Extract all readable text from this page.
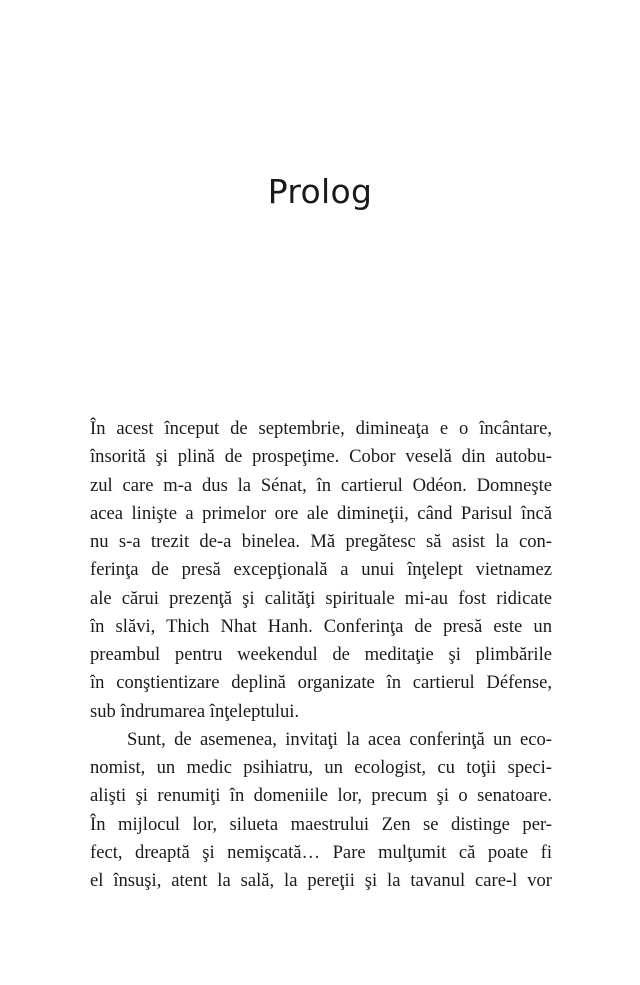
Prolog
În acest început de septembrie, dimineaţa e o încântare,
însorită şi plină de prospeţime. Cobor veselă din autobu-
zul care m-a dus la Sénat, în cartierul Odéon. Domneşte
acea linişte a primelor ore ale dimineţii, când Parisul încă
nu s-a trezit de-a binelea. Mă pregătesc să asist la con-
ferinţa de presă excepţională a unui înţelept vietnamez
ale cărui prezenţă şi calităţi spirituale mi-au fost ridicate
în slăvi, Thich Nhat Hanh. Conferinţa de presă este un
preambul pentru weekendul de meditaţie şi plimbările
în conştientizare deplină organizate în cartierul Défense,
sub îndrumarea înţeleptului.
Sunt, de asemenea, invitaţi la acea conferinţă un eco-
nomist, un medic psihiatru, un ecologist, cu toţii speci-
alişti şi renumiţi în domeniile lor, precum şi o senatoare.
În mijlocul lor, silueta maestrului Zen se distinge per-
fect, dreaptă şi nemişcată… Pare mulţumit că poate fi
el însuşi, atent la sală, la pereţii şi la tavanul care-l vor
